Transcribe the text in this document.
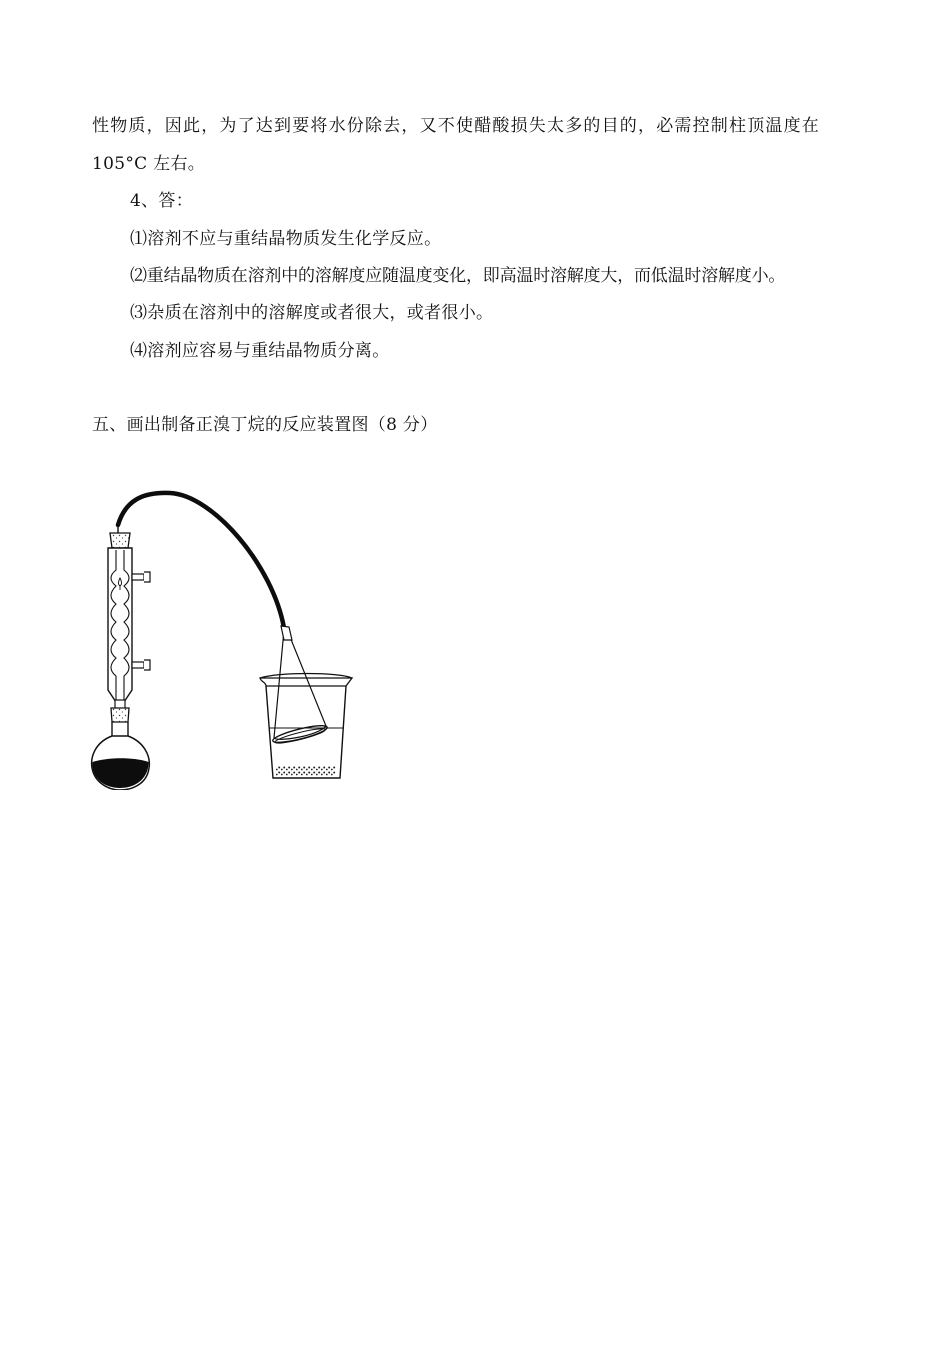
性物质，因此，为了达到要将水份除去，又不使醋酸损失太多的目的，必需控制柱顶温度在
105°C 左右。
4、答：
⑴溶剂不应与重结晶物质发生化学反应。
⑵重结晶物质在溶剂中的溶解度应随温度变化，即高温时溶解度大，而低温时溶解度小。
⑶杂质在溶剂中的溶解度或者很大，或者很小。
⑷溶剂应容易与重结晶物质分离。
五、画出制备正溴丁烷的反应装置图（8 分）
